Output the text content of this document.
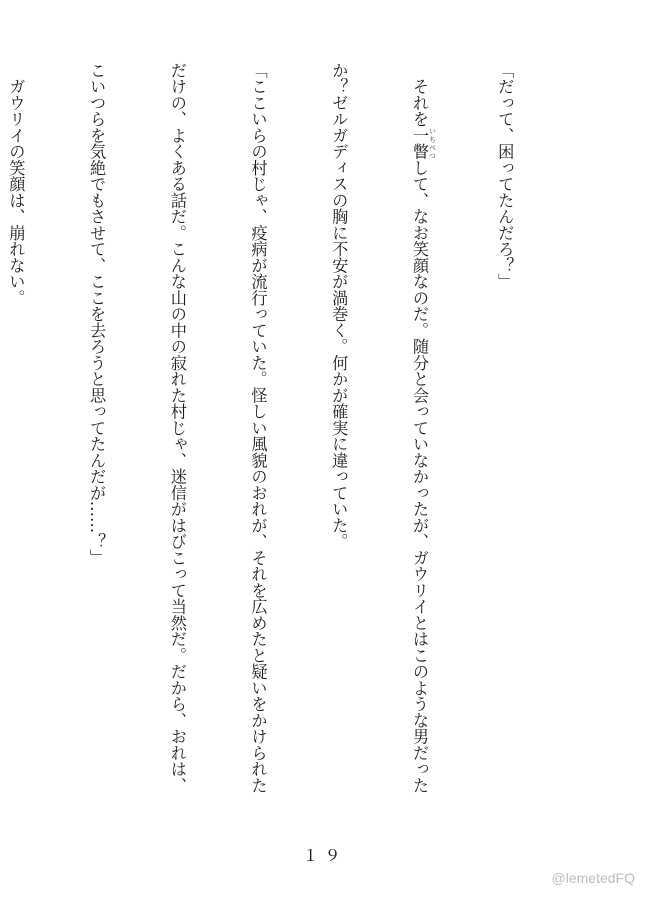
「だって、困ってたんだろ？」

　それを一瞥 いちべつして、なお笑顔なのだ。随分と会っていなかったが、ガウリイとはこのような男だった

か？ゼルガディスの胸に不安が渦巻く。何かが確実に違っていた。

「ここいらの村じゃ、疫病が流行っていた。怪しい風貌のおれが、それを広めたと疑いをかけられた

だけの、よくある話だ。こんな山の中の寂れた村じゃ、迷信がはびこって当然だ。だから、おれは、

こいつらを気絶でもさせて、ここを去ろうと思ってたんだが……？」

　ガウリイの笑顔は、崩れない。

１９
@lemetedFQ
